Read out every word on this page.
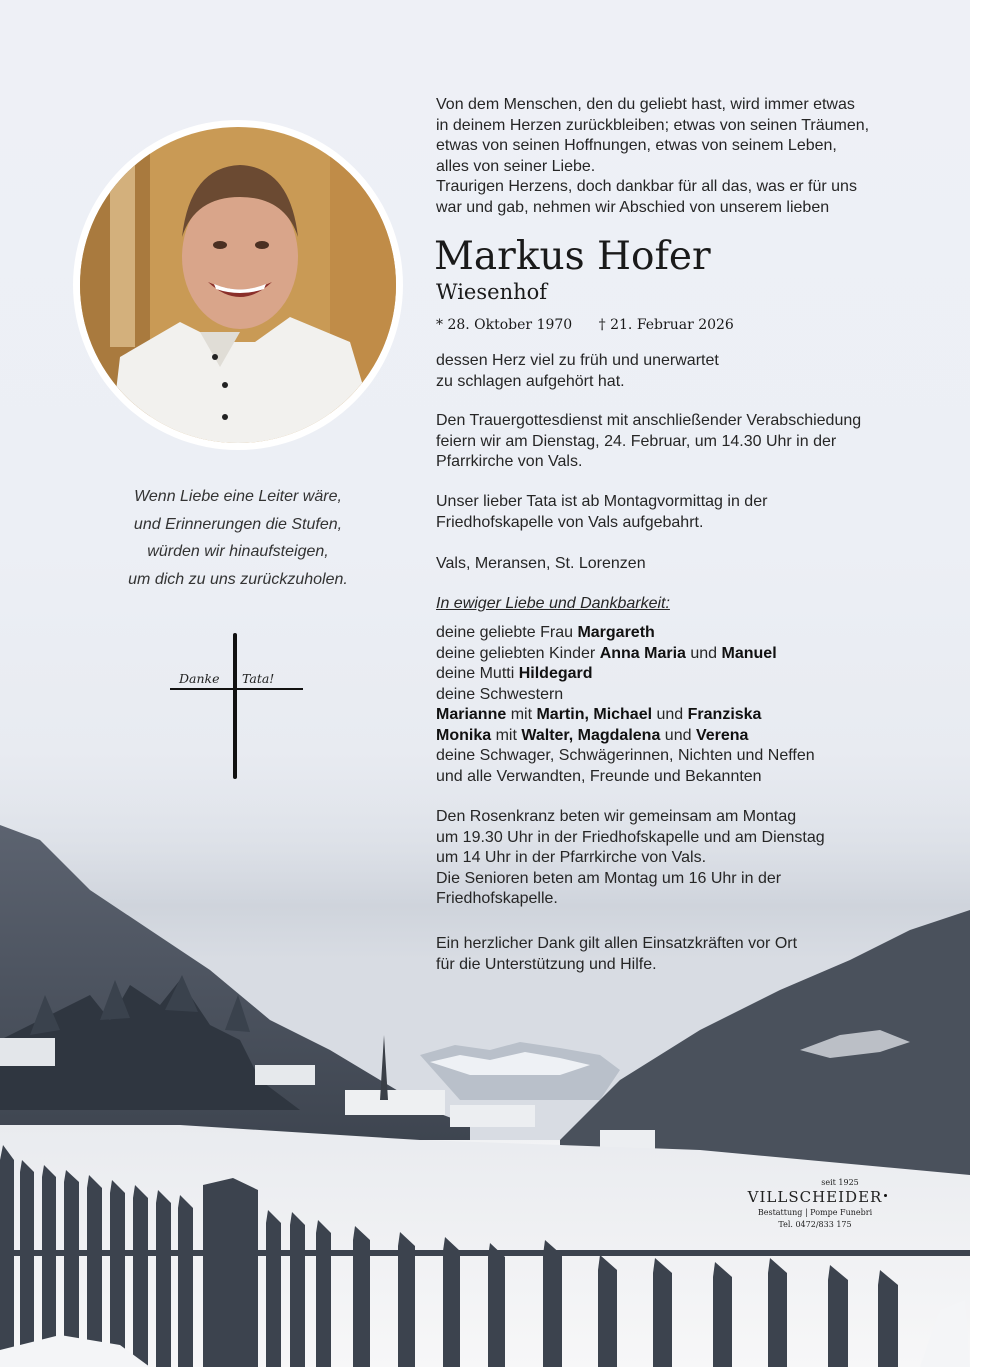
Wenn Liebe eine Leiter wäre,
und Erinnerungen die Stufen,
würden wir hinaufsteigen,
um dich zu uns zurückzuholen.
Danke Tata!
Von dem Menschen, den du geliebt hast, wird immer etwas
in deinem Herzen zurückbleiben; etwas von seinen Träumen,
etwas von seinen Hoffnungen, etwas von seinem Leben,
alles von seiner Liebe.
Traurigen Herzens, doch dankbar für all das, was er für uns
war und gab, nehmen wir Abschied von unserem lieben
Markus Hofer
Wiesenhof
* 28. Oktober 1970 † 21. Februar 2026
dessen Herz viel zu früh und unerwartet
zu schlagen aufgehört hat.
Den Trauergottesdienst mit anschließender Verabschiedung
feiern wir am Dienstag, 24. Februar, um 14.30 Uhr in der
Pfarrkirche von Vals.
Unser lieber Tata ist ab Montagvormittag in der
Friedhofskapelle von Vals aufgebahrt.
Vals, Meransen, St. Lorenzen
In ewiger Liebe und Dankbarkeit:
deine geliebte Frau Margareth
deine geliebten Kinder Anna Maria und Manuel
deine Mutti Hildegard
deine Schwestern
Marianne mit Martin, Michael und Franziska
Monika mit Walter, Magdalena und Verena
deine Schwager, Schwägerinnen, Nichten und Neffen
und alle Verwandten, Freunde und Bekannten
Den Rosenkranz beten wir gemeinsam am Montag
um 19.30 Uhr in der Friedhofskapelle und am Dienstag
um 14 Uhr in der Pfarrkirche von Vals.
Die Senioren beten am Montag um 16 Uhr in der
Friedhofskapelle.
Ein herzlicher Dank gilt allen Einsatzkräften vor Ort
für die Unterstützung und Hilfe.
seit 1925
VILLSCHEIDER
Bestattung | Pompe Funebri
Tel. 0472/833 175
